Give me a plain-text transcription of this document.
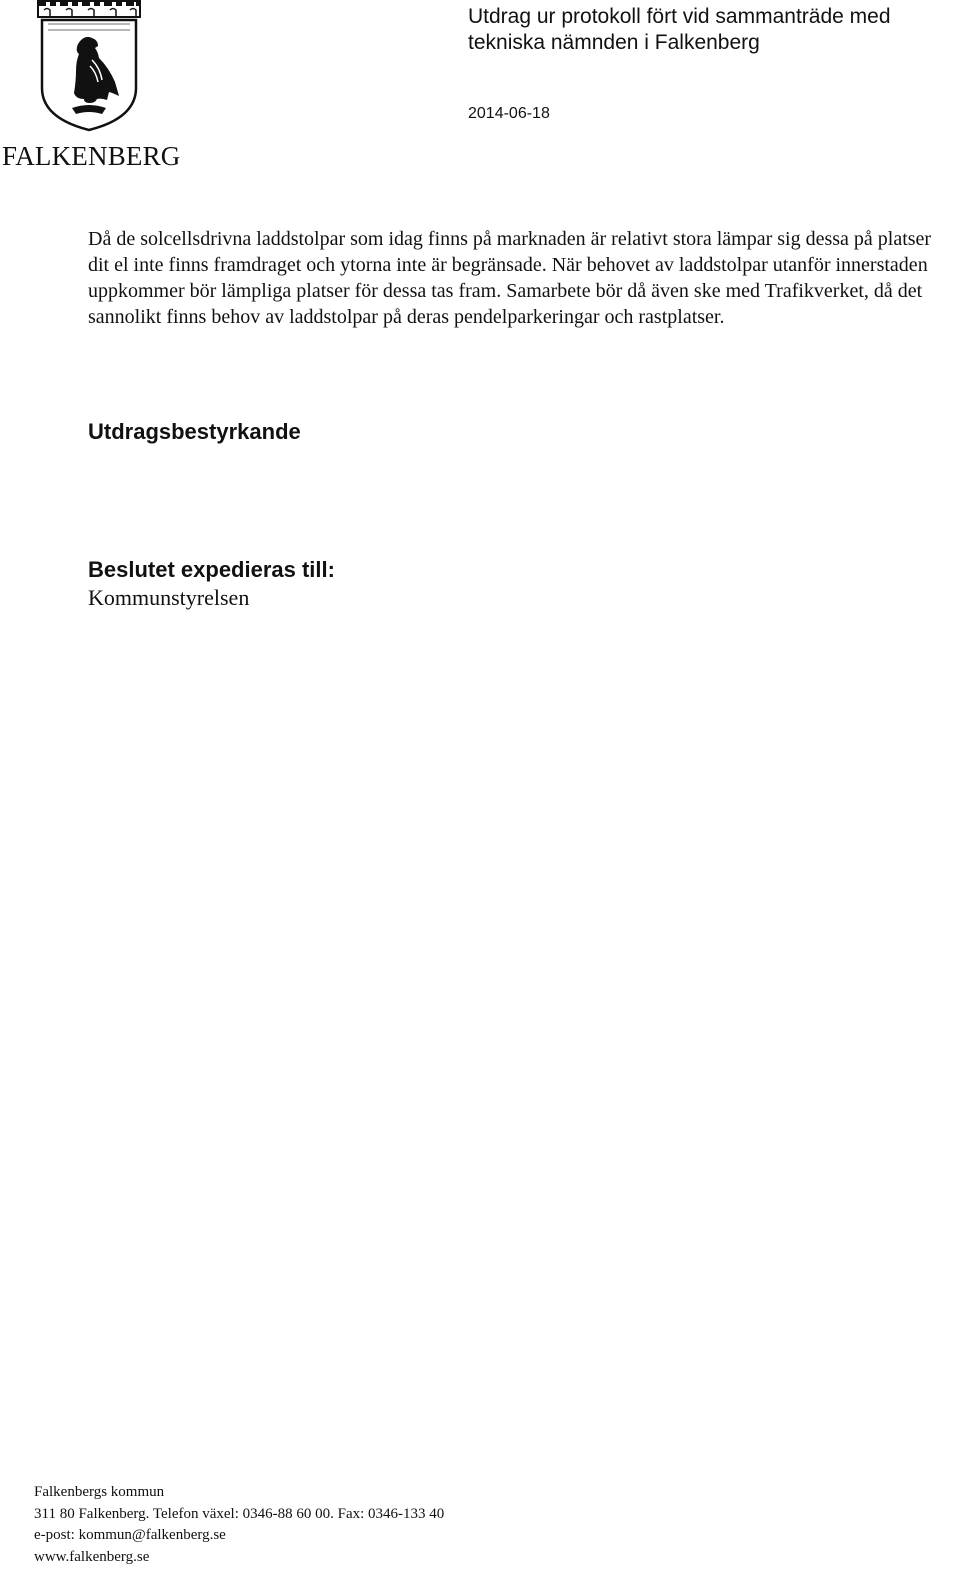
FALKENBERG
Utdrag ur protokoll fört vid sammanträde med tekniska nämnden i Falkenberg
2014-06-18
Då de solcellsdrivna laddstolpar som idag finns på marknaden är relativt stora lämpar sig dessa på platser dit el inte finns framdraget och ytorna inte är begränsade. När behovet av laddstolpar utanför innerstaden uppkommer bör lämpliga platser för dessa tas fram. Samarbete bör då även ske med Trafikverket, då det sannolikt finns behov av laddstolpar på deras pendelparkeringar och rastplatser.
Utdragsbestyrkande
Beslutet expedieras till:
Kommunstyrelsen
Falkenbergs kommun
311 80 Falkenberg. Telefon växel: 0346-88 60 00. Fax: 0346-133 40
e-post: kommun@falkenberg.se
www.falkenberg.se
